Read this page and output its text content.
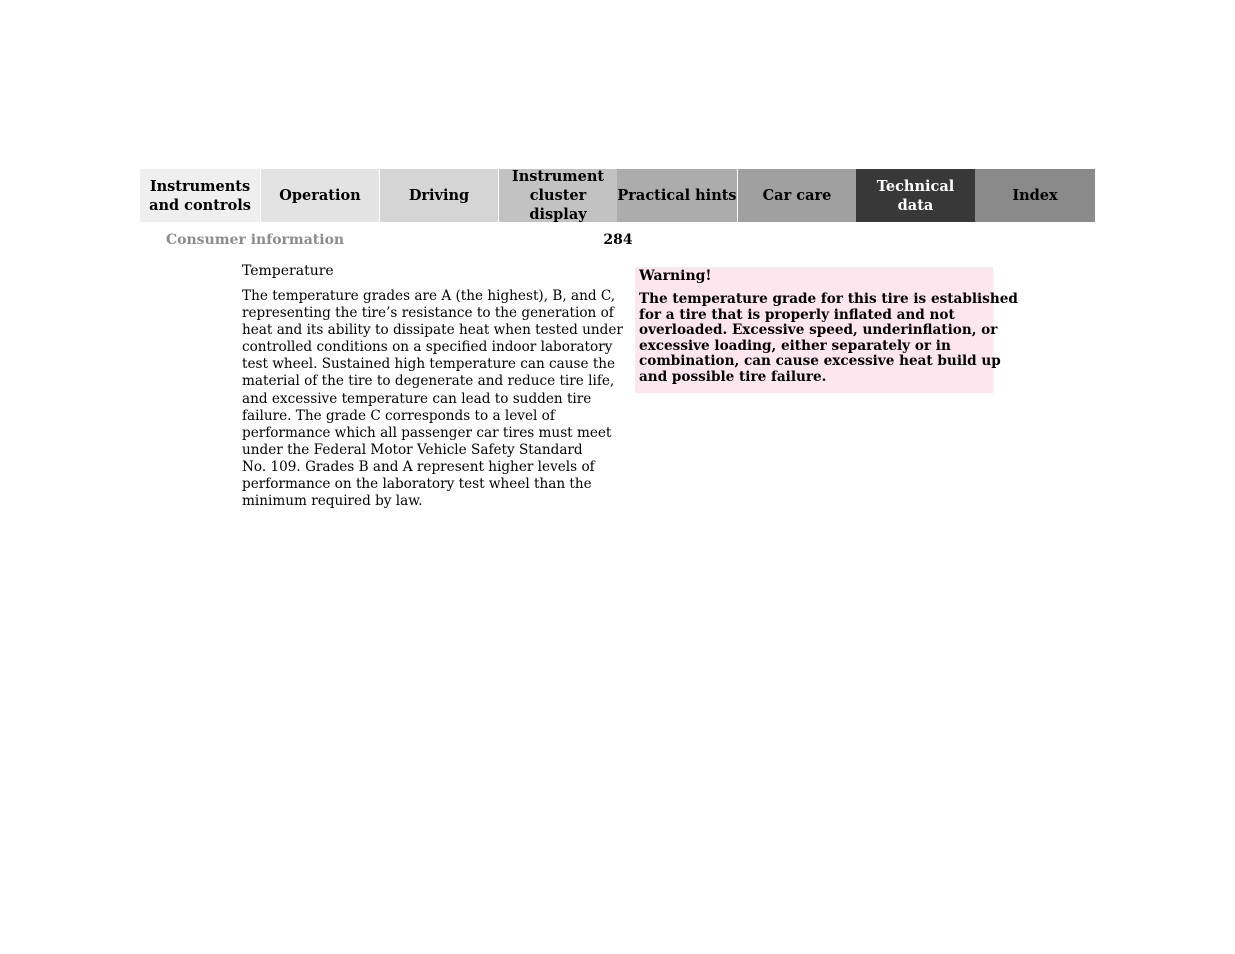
Instruments
and controls
Operation	Driving
Instrument
cluster display
Practical hints	Car care
Technical
data
Index
Consumer information	284
Temperature

The temperature grades are A (the highest), B, and C,
representing the tire’s resistance to the generation of
heat and its ability to dissipate heat when tested under
controlled conditions on a specified indoor laboratory
test wheel. Sustained high temperature can cause the
material of the tire to degenerate and reduce tire life,
and excessive temperature can lead to sudden tire
failure. The grade C corresponds to a level of
performance which all passenger car tires must meet
under the Federal Motor Vehicle Safety Standard
No. 109. Grades B and A represent higher levels of
performance on the laboratory test wheel than the
minimum required by law.

Warning!

The temperature grade for this tire is established
for a tire that is properly inflated and not
overloaded. Excessive speed, underinflation, or
excessive loading, either separately or in
combination, can cause excessive heat build up
and possible tire failure.
